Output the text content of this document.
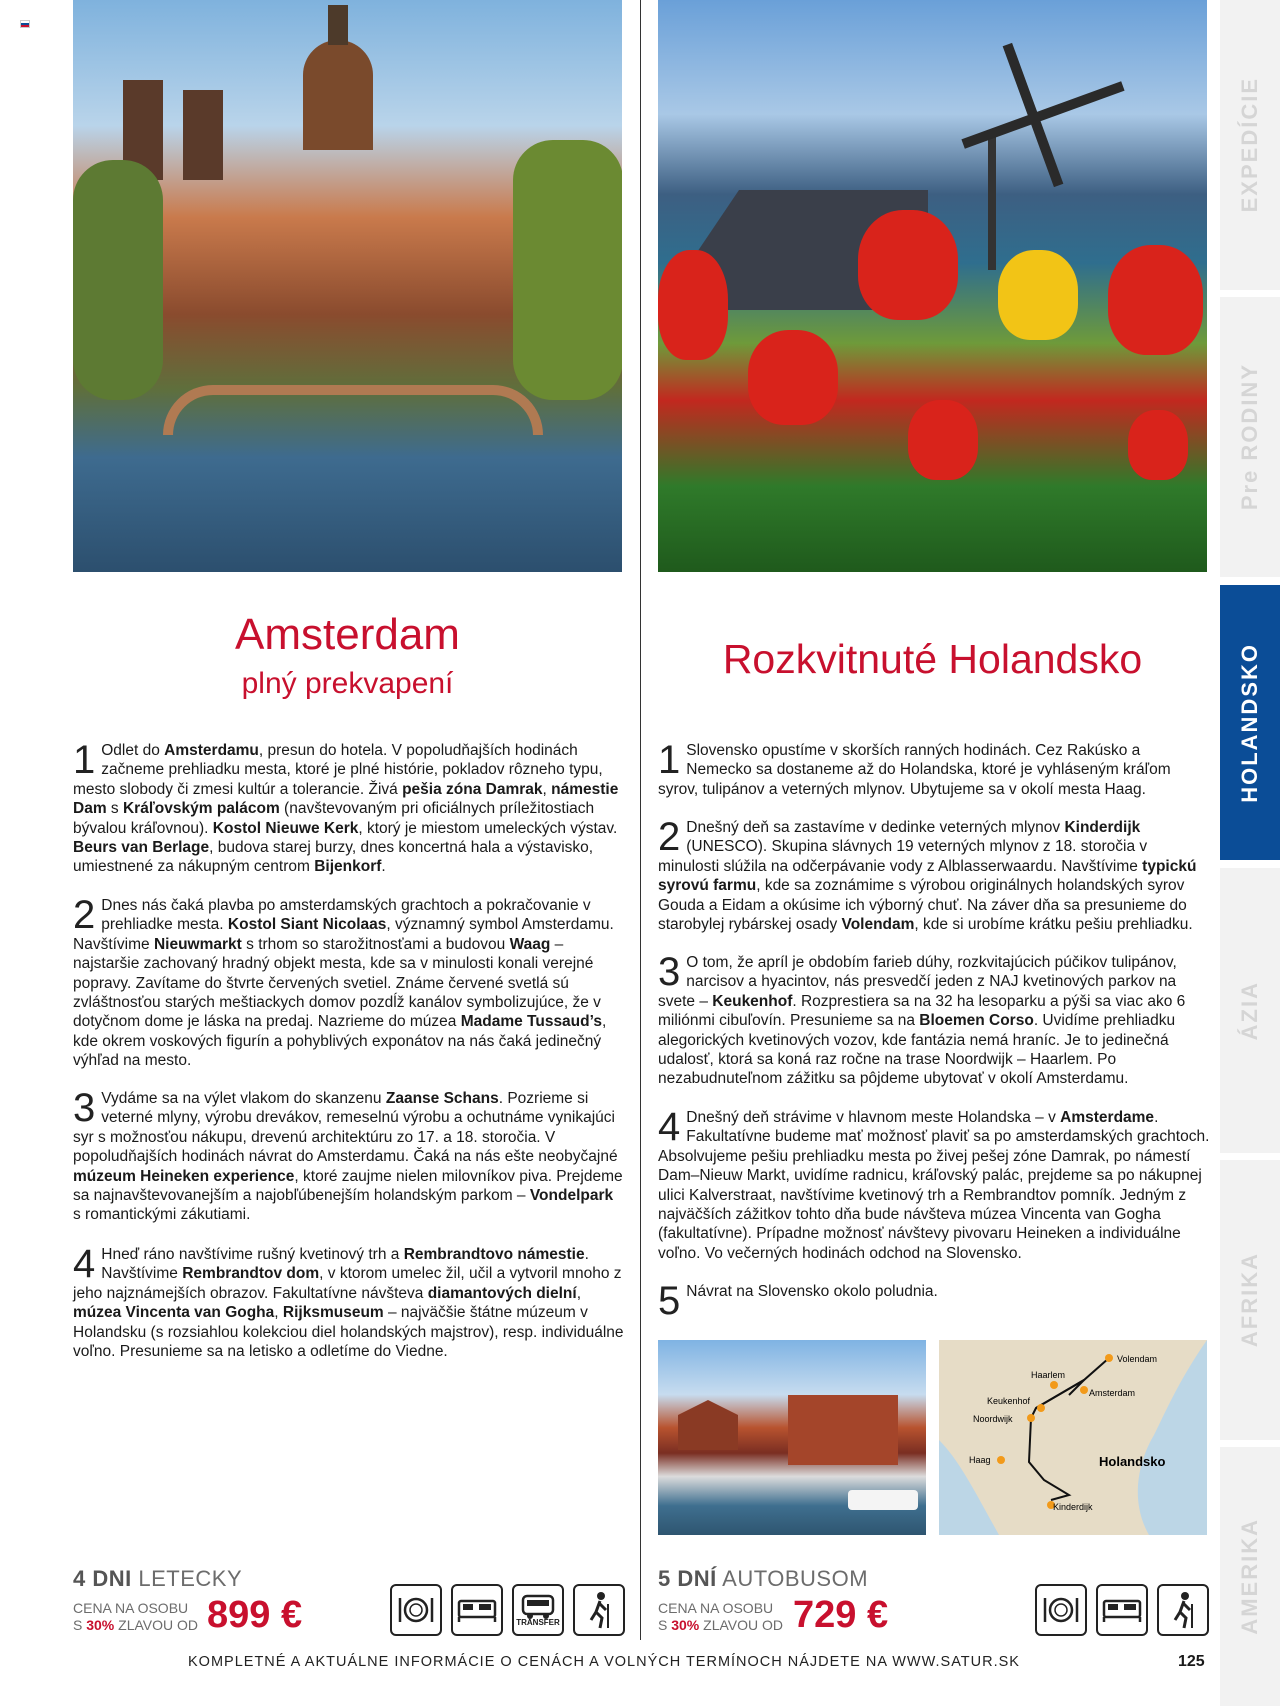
EXPEDÍCIE
Pre RODINY
HOLANDSKO
ÁZIA
AFRIKA
AMERIKA
Amsterdam
plný prekvapení
Rozkvitnuté Holandsko
1 Odlet do Amsterdamu, presun do hotela. V popoludňajších hodinách začneme prehliadku mesta, ktoré je plné histórie, pokladov rôzneho typu, mesto slobody či zmesi kultúr a tolerancie. Živá pešia zóna Damrak, námestie Dam s Kráľovským palácom (navštevovaným pri oficiálnych príležitostiach bývalou kráľovnou). Kostol Nieuwe Kerk, ktorý je miestom umeleckých výstav. Beurs van Berlage, budova starej burzy, dnes koncertná hala a výstavisko, umiestnené za nákupným centrom Bijenkorf.
2 Dnes nás čaká plavba po amsterdamských grachtoch a pokračovanie v prehliadke mesta. Kostol Siant Nicolaas, významný symbol Amsterdamu. Navštívime Nieuwmarkt s trhom so starožitnosťami a budovou Waag – najstaršie zachovaný hradný objekt mesta, kde sa v minulosti konali verejné popravy. Zavítame do štvrte červených svetiel. Známe červené svetlá sú zvláštnosťou starých meštiackych domov pozdĺž kanálov symbolizujúce, že v dotyčnom dome je láska na predaj. Nazrieme do múzea Madame Tussaud’s, kde okrem voskových figurín a pohyblivých exponátov na nás čaká jedinečný výhľad na mesto.
3 Vydáme sa na výlet vlakom do skanzenu Zaanse Schans. Pozrieme si veterné mlyny, výrobu drevákov, remeselnú výrobu a ochutnáme vynikajúci syr s možnosťou nákupu, drevenú architektúru zo 17. a 18. storočia. V popoludňajších hodinách návrat do Amsterdamu. Čaká na nás ešte neobyčajné múzeum Heineken experience, ktoré zaujme nielen milovníkov piva. Prejdeme sa najnavštevovanejším a najobľúbenejším holandským parkom – Vondelpark s romantickými zákutiami.
4 Hneď ráno navštívime rušný kvetinový trh a Rembrandtovo námestie. Navštívime Rembrandtov dom, v ktorom umelec žil, učil a vytvoril mnoho z jeho najznámejších obrazov. Fakultatívne návšteva diamantových dielní, múzea Vincenta van Gogha, Rijksmuseum – najväčšie štátne múzeum v Holandsku (s rozsiahlou kolekciou diel holandských majstrov), resp. individuálne voľno. Presunieme sa na letisko a odletíme do Viedne.
1 Slovensko opustíme v skorších ranných hodinách. Cez Rakúsko a Nemecko sa dostaneme až do Holandska, ktoré je vyhláseným kráľom syrov, tulipánov a veterných mlynov. Ubytujeme sa v okolí mesta Haag.
2 Dnešný deň sa zastavíme v dedinke veterných mlynov Kinderdijk (UNESCO). Skupina slávnych 19 veterných mlynov z 18. storočia v minulosti slúžila na odčerpávanie vody z Alblasserwaardu. Navštívime typickú syrovú farmu, kde sa zoznámime s výrobou originálnych holandských syrov Gouda a Eidam a okúsime ich výborný chuť. Na záver dňa sa presunieme do starobylej rybárskej osady Volendam, kde si urobíme krátku pešiu prehliadku.
3 O tom, že apríl je obdobím farieb dúhy, rozkvitajúcich púčikov tulipánov, narcisov a hyacintov, nás presvedčí jeden z NAJ kvetinových parkov na svete – Keukenhof. Rozprestiera sa na 32 ha lesoparku a pýši sa viac ako 6 miliónmi cibuľovín. Presunieme sa na Bloemen Corso. Uvidíme prehliadku alegorických kvetinových vozov, kde fantázia nemá hraníc. Je to jedinečná udalosť, ktorá sa koná raz ročne na trase Noordwijk – Haarlem. Po nezabudnuteľnom zážitku sa pôjdeme ubytovať v okolí Amsterdamu.
4 Dnešný deň strávime v hlavnom meste Holandska – v Amsterdame. Fakultatívne budeme mať možnosť plaviť sa po amsterdamských grachtoch. Absolvujeme pešiu prehliadku mesta po živej pešej zóne Damrak, po námestí Dam–Nieuw Markt, uvidíme radnicu, kráľovský palác, prejdeme sa po nákupnej ulici Kalverstraat, navštívime kvetinový trh a Rembrandtov pomník. Jedným z najväčších zážitkov tohto dňa bude návšteva múzea Vincenta van Gogha (fakultatívne). Prípadne možnosť návštevy pivovaru Heineken a individuálne voľno. Vo večerných hodinách odchod na Slovensko.
5 Návrat na Slovensko okolo poludnia.
Volendam
Haarlem
Amsterdam
Keukenhof
Noordwijk
Haag
Kinderdijk
Holandsko
4 DNI LETECKY
CENA NA OSOBU
S 30% ZLAVOU OD 899 €	TRANSFER
5 DNÍ AUTOBUSOM
CENA NA OSOBU
S 30% ZLAVOU OD 729 €
KOMPLETNÉ A AKTUÁLNE INFORMÁCIE O CENÁCH A VOLNÝCH TERMÍNOCH NÁJDETE NA WWW.SATUR.SK	125
